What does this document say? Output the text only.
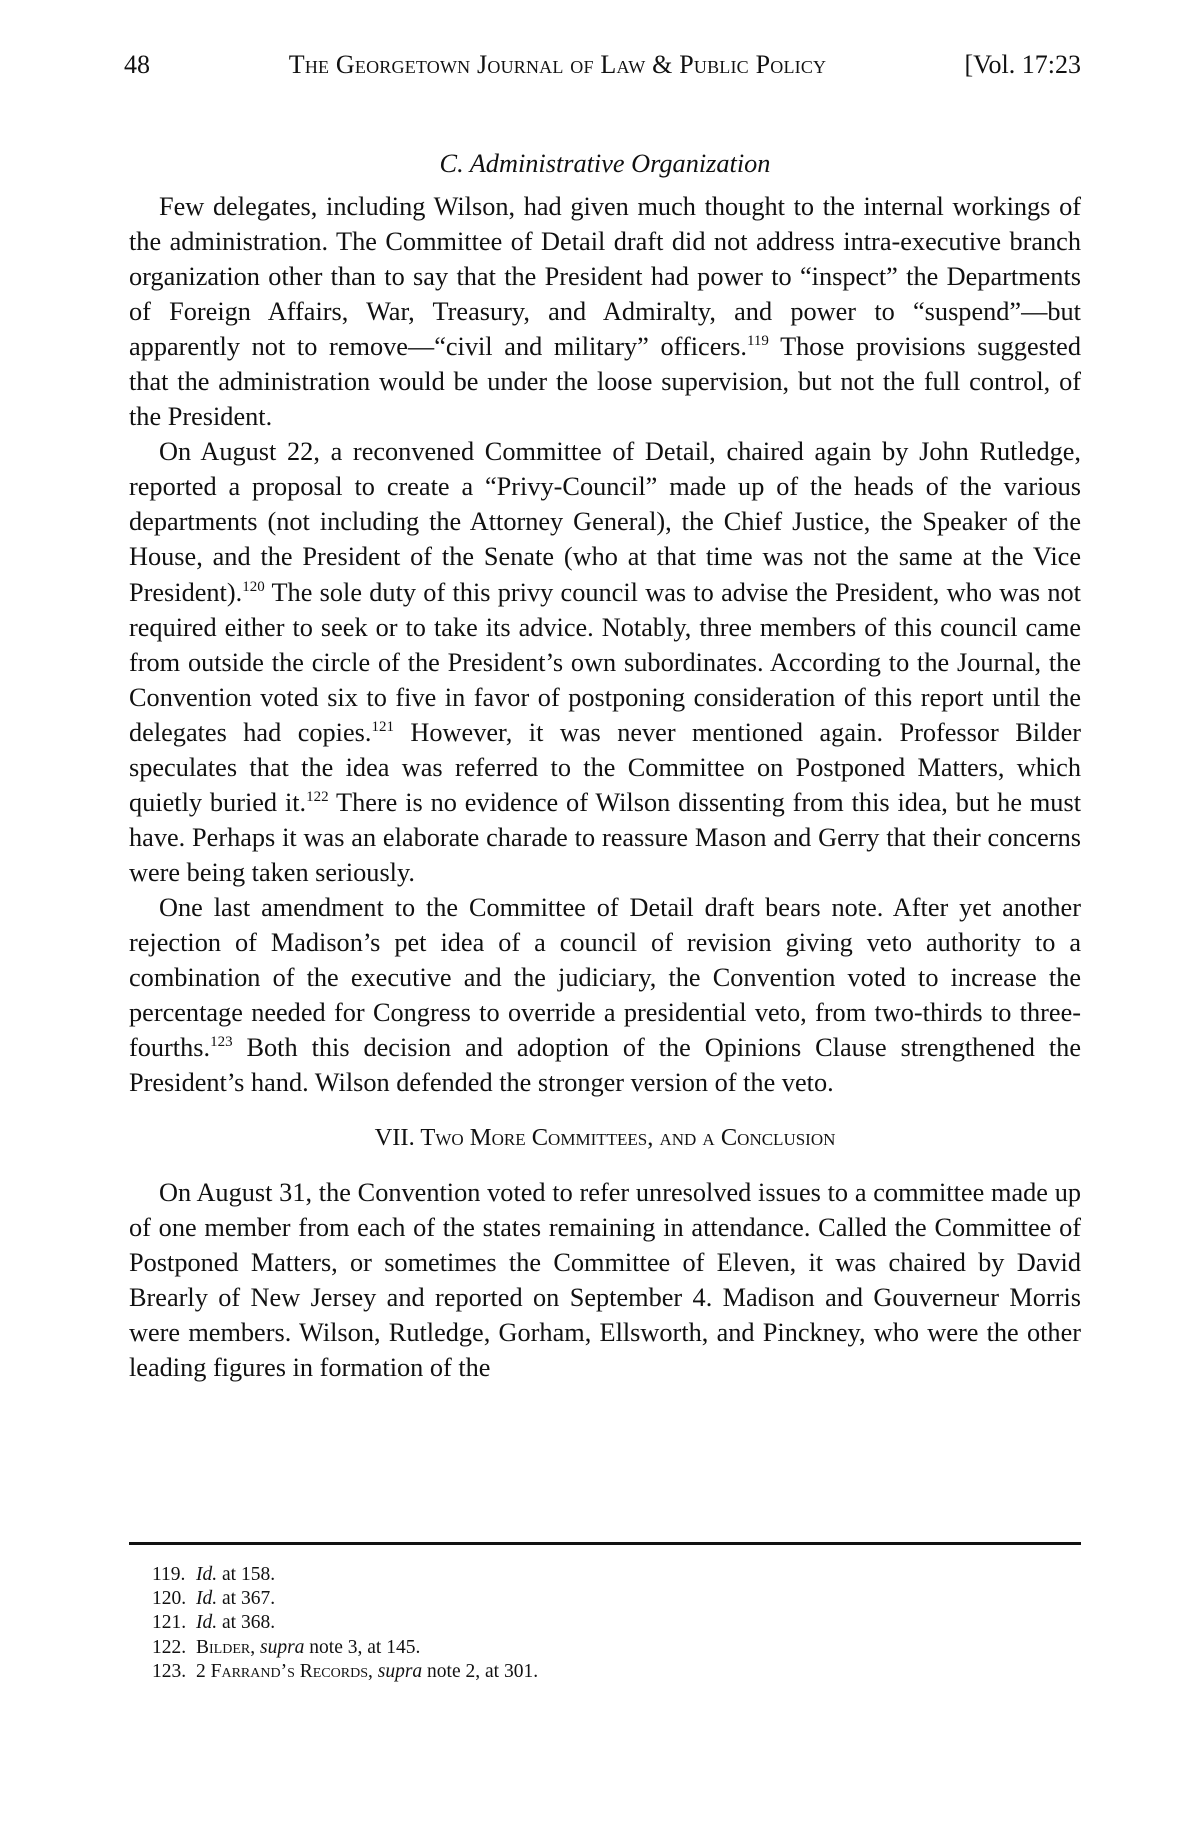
48	The Georgetown Journal of Law & Public Policy	[Vol. 17:23
C. Administrative Organization

Few delegates, including Wilson, had given much thought to the internal workings of the administration. The Committee of Detail draft did not address intra-executive branch organization other than to say that the President had power to “inspect” the Departments of Foreign Affairs, War, Treasury, and Admiralty, and power to “suspend”—but apparently not to remove—“civil and military” officers.$^{119}$ Those provisions suggested that the administration would be under the loose supervision, but not the full control, of the President.

On August 22, a reconvened Committee of Detail, chaired again by John Rutledge, reported a proposal to create a “Privy-Council” made up of the heads of the various departments (not including the Attorney General), the Chief Justice, the Speaker of the House, and the President of the Senate (who at that time was not the same at the Vice President).$^{120}$ The sole duty of this privy council was to advise the President, who was not required either to seek or to take its advice. Notably, three members of this council came from outside the circle of the President’s own subordinates. According to the Journal, the Convention voted six to five in favor of postponing consideration of this report until the delegates had copies.$^{121}$ However, it was never mentioned again. Professor Bilder speculates that the idea was referred to the Committee on Postponed Matters, which quietly buried it.$^{122}$ There is no evidence of Wilson dissenting from this idea, but he must have. Perhaps it was an elaborate charade to reassure Mason and Gerry that their concerns were being taken seriously.

One last amendment to the Committee of Detail draft bears note. After yet another rejection of Madison’s pet idea of a council of revision giving veto authority to a combination of the executive and the judiciary, the Convention voted to increase the percentage needed for Congress to override a presidential veto, from two-thirds to three-fourths.$^{123}$ Both this decision and adoption of the Opinions Clause strengthened the President’s hand. Wilson defended the stronger version of the veto.

VII. Two More Committees, and a Conclusion

On August 31, the Convention voted to refer unresolved issues to a committee made up of one member from each of the states remaining in attendance. Called the Committee of Postponed Matters, or sometimes the Committee of Eleven, it was chaired by David Brearly of New Jersey and reported on September 4. Madison and Gouverneur Morris were members. Wilson, Rutledge, Gorham, Ellsworth, and Pinckney, who were the other leading figures in formation of the

119. Id. at 158.
120. Id. at 367.
121. Id. at 368.
122. Bilder, supra note 3, at 145.
123. 2 Farrand’s Records, supra note 2, at 301.
